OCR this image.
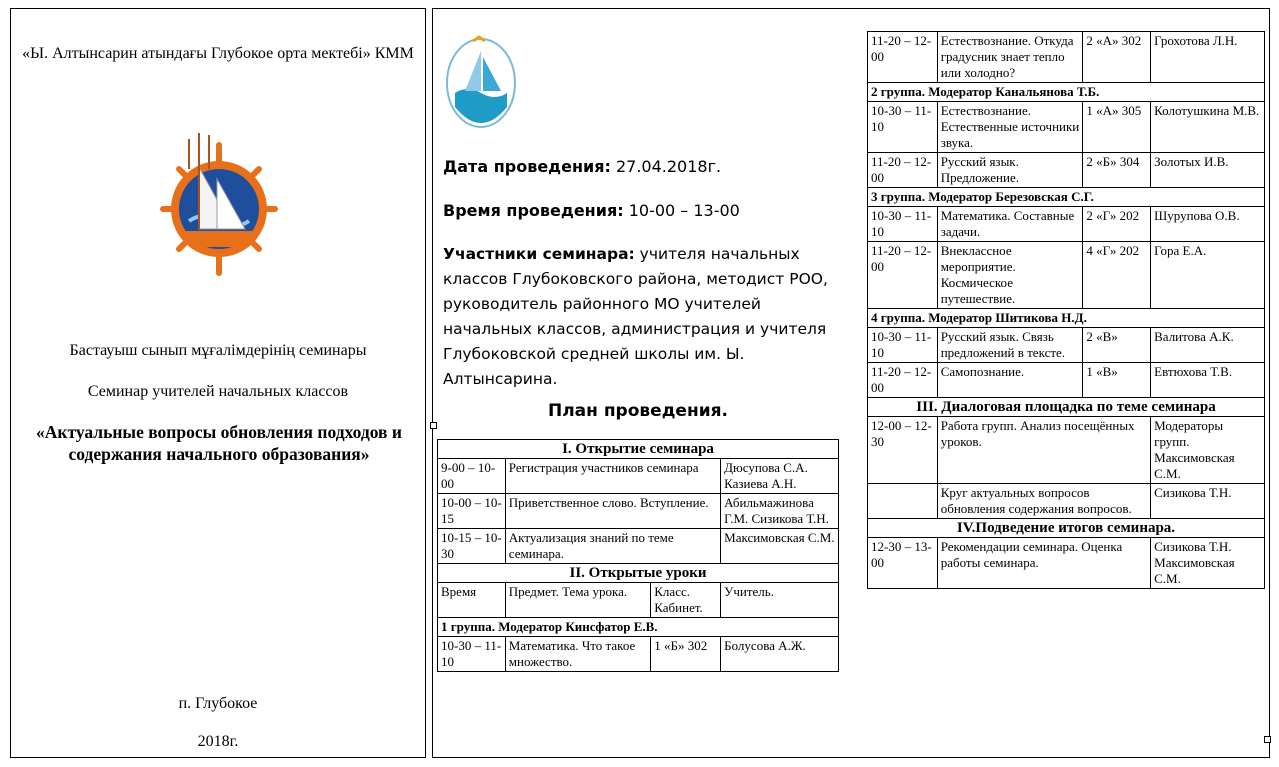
«Ы. Алтынсарин атындағы Глубокое орта мектебі» КММ
Бастауыш сынып мұғалімдерінің семинары
Семинар учителей начальных классов
«Актуальные вопросы обновления подходов и содержания начального образования»
п. Глубокое
2018г.
Дата проведения: 27.04.2018г.
Время проведения: 10-00 – 13-00
Участники семинара: учителя начальных классов Глубоковского района, методист РОО, руководитель районного МО учителей начальных классов, администрация и учителя Глубоковской средней школы им. Ы. Алтынсарина.
План проведения.
I. Открытие семинара			
9-00 – 10-00	Регистрация участников семинара		Дюсупова С.А. Казиева А.Н.
10-00 – 10-15	Приветственное слово. Вступление.		Абильмажинова Г.М. Сизикова Т.Н.
10-15 – 10-30	Актуализация знаний по теме семинара.		Максимовская С.М.
II. Открытые уроки			
Время	Предмет. Тема урока.	Класс. Кабинет.	Учитель.
1 группа. Модератор Кинсфатор Е.В.			
10-30 – 11-10	Математика. Что такое множество.	1 «Б» 302	Болусова А.Ж.
11-20 – 12-00	Естествознание. Откуда градусник знает тепло или холодно?	2 «А» 302	Грохотова Л.Н.
2 группа. Модератор Канальянова Т.Б.			
10-30 – 11-10	Естествознание. Естественные источники звука.	1 «А» 305	Колотушкина М.В.
11-20 – 12-00	Русский язык. Предложение.	2 «Б» 304	Золотых И.В.
3 группа. Модератор Березовская С.Г.			
10-30 – 11-10	Математика. Составные задачи.	2 «Г» 202	Шурупова О.В.
11-20 – 12-00	Внеклассное мероприятие. Космическое путешествие.	4 «Г» 202	Гора Е.А.
4 группа. Модератор Шитикова Н.Д.			
10-30 – 11-10	Русский язык. Связь предложений в тексте.	2 «В»	Валитова А.К.
11-20 – 12-00	Самопознание.	1 «В»	Евтюхова Т.В.
III. Диалоговая площадка по теме семинара			
12-00 – 12-30	Работа групп. Анализ посещённых уроков.		Модераторы групп. Максимовская С.М.
	Круг актуальных вопросов обновления содержания вопросов.		Сизикова Т.Н.
IV.Подведение итогов семинара.			
12-30 – 13-00	Рекомендации семинара. Оценка работы семинара.		Сизикова Т.Н. Максимовская С.М.
